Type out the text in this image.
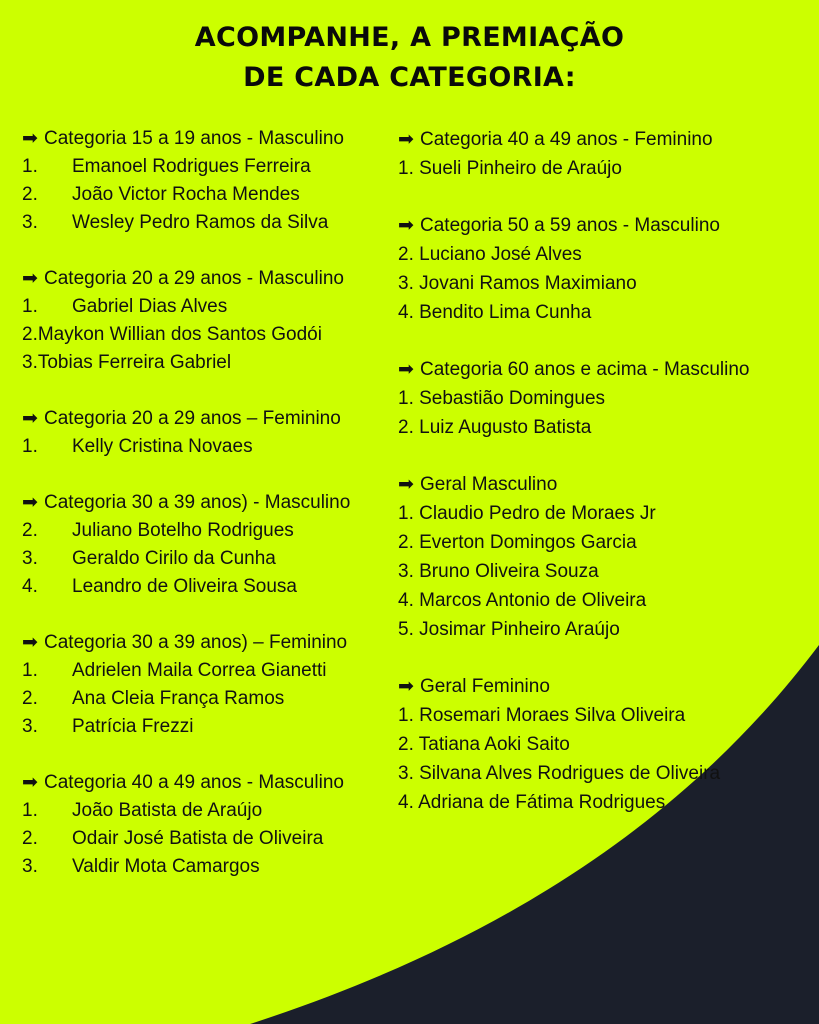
ACOMPANHE, A PREMIAÇÃO
DE CADA CATEGORIA:
➡ Categoria 15 a 19 anos - Masculino
1. Emanoel Rodrigues Ferreira
2. João Victor Rocha Mendes
3. Wesley Pedro Ramos da Silva
➡ Categoria 20 a 29 anos - Masculino
1. Gabriel Dias Alves
2.Maykon Willian dos Santos Godói
3.Tobias Ferreira Gabriel
➡ Categoria 20 a 29 anos – Feminino
1. Kelly Cristina Novaes
➡ Categoria 30 a 39 anos) - Masculino
2. Juliano Botelho Rodrigues
3. Geraldo Cirilo da Cunha
4. Leandro de Oliveira Sousa
➡ Categoria 30 a 39 anos) – Feminino
1. Adrielen Maila Correa Gianetti
2. Ana Cleia França Ramos
3. Patrícia Frezzi
➡ Categoria 40 a 49 anos - Masculino
1. João Batista de Araújo
2. Odair José Batista de Oliveira
3. Valdir Mota Camargos
➡ Categoria 40 a 49 anos - Feminino
1. Sueli Pinheiro de Araújo
➡ Categoria 50 a 59 anos - Masculino
2. Luciano José Alves
3. Jovani Ramos Maximiano
4. Bendito Lima Cunha
➡ Categoria 60 anos e acima - Masculino
1. Sebastião Domingues
2. Luiz Augusto Batista
➡ Geral Masculino
1. Claudio Pedro de Moraes Jr
2. Everton Domingos Garcia
3. Bruno Oliveira Souza
4. Marcos Antonio de Oliveira
5. Josimar Pinheiro Araújo
➡ Geral Feminino
1. Rosemari Moraes Silva Oliveira
2. Tatiana Aoki Saito
3. Silvana Alves Rodrigues de Oliveira
4. Adriana de Fátima Rodrigues
